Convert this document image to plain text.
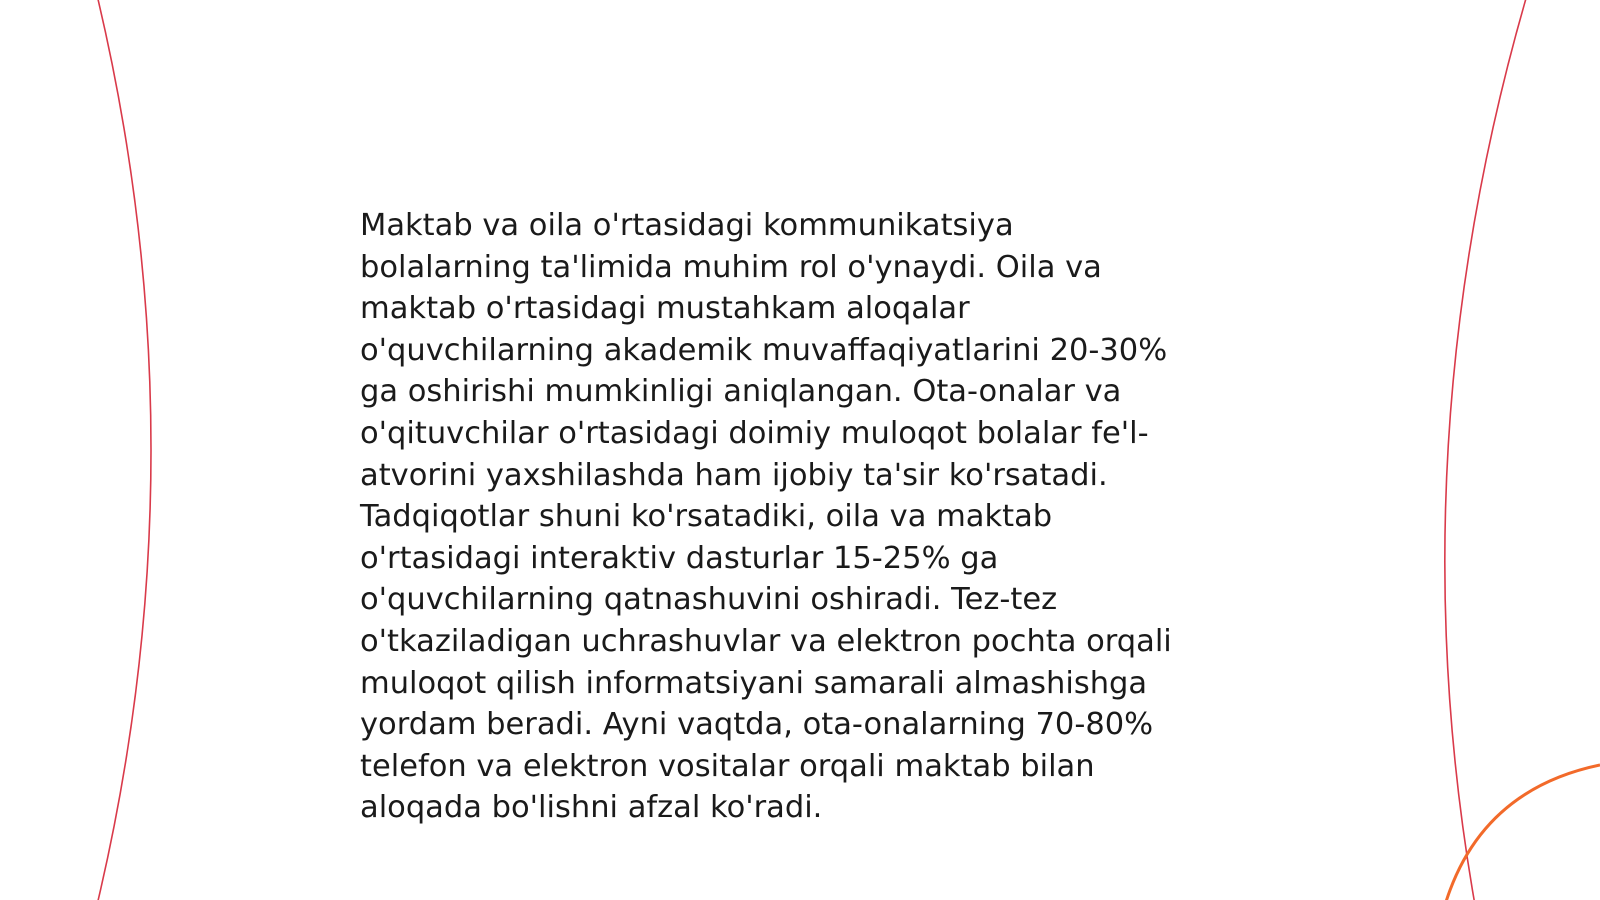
Maktab va oila o'rtasidagi kommunikatsiya
bolalarning ta'limida muhim rol o'ynaydi. Oila va
maktab o'rtasidagi mustahkam aloqalar
o'quvchilarning akademik muvaffaqiyatlarini 20-30%
ga oshirishi mumkinligi aniqlangan. Ota-onalar va
o'qituvchilar o'rtasidagi doimiy muloqot bolalar fe'l-
atvorini yaxshilashda ham ijobiy ta'sir ko'rsatadi.
Tadqiqotlar shuni ko'rsatadiki, oila va maktab
o'rtasidagi interaktiv dasturlar 15-25% ga
o'quvchilarning qatnashuvini oshiradi. Tez-tez
o'tkaziladigan uchrashuvlar va elektron pochta orqali
muloqot qilish informatsiyani samarali almashishga
yordam beradi. Ayni vaqtda, ota-onalarning 70-80%
telefon va elektron vositalar orqali maktab bilan
aloqada bo'lishni afzal ko'radi.
